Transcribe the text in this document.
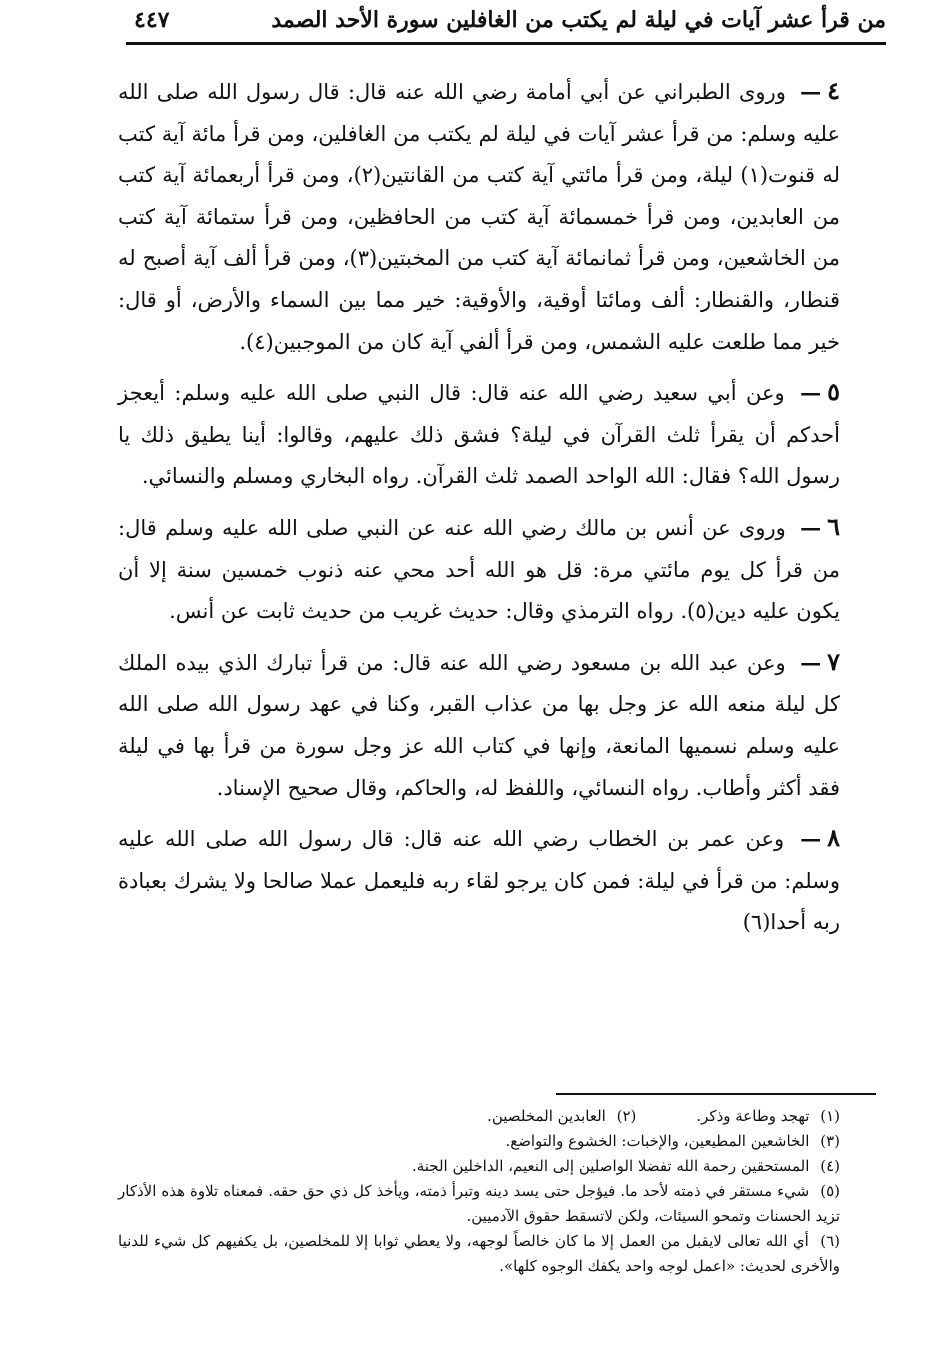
من قرأ عشر آيات في ليلة لم يكتب من الغافلين سورة الأحد الصمد
٤٤٧

٤— وروى الطبراني عن أبي أمامة رضي الله عنه قال: قال رسول الله صلى الله عليه وسلم: من قرأ عشر آيات في ليلة لم يكتب من الغافلين، ومن قرأ مائة آية كتب له قنوت(١) ليلة، ومن قرأ مائتي آية كتب من القانتين(٢)، ومن قرأ أربعمائة آية كتب من العابدين، ومن قرأ خمسمائة آية كتب من الحافظين، ومن قرأ ستمائة آية كتب من الخاشعين، ومن قرأ ثمانمائة آية كتب من المخبتين(٣)، ومن قرأ ألف آية أصبح له قنطار، والقنطار: ألف ومائتا أوقية، والأوقية: خير مما بين السماء والأرض، أو قال: خير مما طلعت عليه الشمس، ومن قرأ ألفي آية كان من الموجبين(٤).

٥— وعن أبي سعيد رضي الله عنه قال: قال النبي صلى الله عليه وسلم: أيعجز أحدكم أن يقرأ ثلث القرآن في ليلة؟ فشق ذلك عليهم، وقالوا: أينا يطيق ذلك يا رسول الله؟ فقال: الله الواحد الصمد ثلث القرآن. رواه البخاري ومسلم والنسائي.

٦— وروى عن أنس بن مالك رضي الله عنه عن النبي صلى الله عليه وسلم قال: من قرأ كل يوم مائتي مرة: قل هو الله أحد محي عنه ذنوب خمسين سنة إلا أن يكون عليه دين(٥). رواه الترمذي وقال: حديث غريب من حديث ثابت عن أنس.

٧— وعن عبد الله بن مسعود رضي الله عنه قال: من قرأ تبارك الذي بيده الملك كل ليلة منعه الله عز وجل بها من عذاب القبر، وكنا في عهد رسول الله صلى الله عليه وسلم نسميها المانعة، وإنها في كتاب الله عز وجل سورة من قرأ بها في ليلة فقد أكثر وأطاب. رواه النسائي، واللفظ له، والحاكم، وقال صحيح الإسناد.

٨— وعن عمر بن الخطاب رضي الله عنه قال: قال رسول الله صلى الله عليه وسلم: من قرأ في ليلة: فمن كان يرجو لقاء ربه فليعمل عملا صالحا ولا يشرك بعبادة ربه أحدا(٦)

(١) تهجد وطاعة وذكر.

(٢) العابدين المخلصين.

(٣) الخاشعين المطيعين، والإخبات: الخشوع والتواضع.

(٤) المستحقين رحمة الله تفضلا الواصلين إلى النعيم، الداخلين الجنة.

(٥) شيء مستقر في ذمته لأحد ما. فيؤجل حتى يسد دينه وتبرأ ذمته، ويأخذ كل ذي حق حقه. فمعناه تلاوة هذه الأذكار تزيد الحسنات وتمحو السيئات، ولكن لاتسقط حقوق الآدميين.

(٦) أي الله تعالى لايقبل من العمل إلا ما كان خالصاً لوجهه، ولا يعطي ثوابا إلا للمخلصين، بل يكفيهم كل شيء للدنيا والأخرى لحديث: «اعمل لوجه واحد يكفك الوجوه كلها».
